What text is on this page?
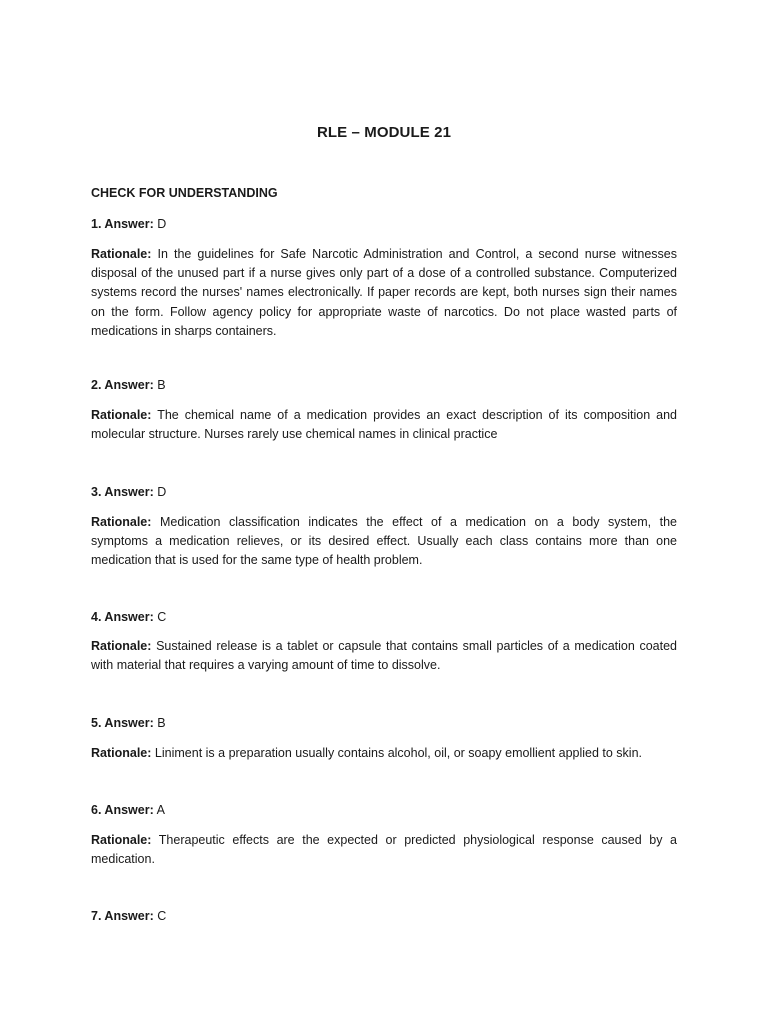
RLE – MODULE 21
CHECK FOR UNDERSTANDING
1. Answer: D
Rationale: In the guidelines for Safe Narcotic Administration and Control, a second nurse witnesses
disposal of the unused part if a nurse gives only part of a dose of a controlled substance. Computerized
systems record the nurses' names electronically. If paper records are kept, both nurses sign their names
on the form. Follow agency policy for appropriate waste of narcotics. Do not place wasted parts of
medications in sharps containers.
2. Answer: B
Rationale: The chemical name of a medication provides an exact description of its composition and
molecular structure. Nurses rarely use chemical names in clinical practice
3. Answer: D
Rationale: Medication classification indicates the effect of a medication on a body system, the
symptoms a medication relieves, or its desired effect. Usually each class contains more than one
medication that is used for the same type of health problem.
4. Answer: C
Rationale: Sustained release is a tablet or capsule that contains small particles of a medication coated
with material that requires a varying amount of time to dissolve.
5. Answer: B
Rationale: Liniment is a preparation usually contains alcohol, oil, or soapy emollient applied to skin.
6. Answer: A
Rationale: Therapeutic effects are the expected or predicted physiological response caused by a
medication.
7. Answer: C
